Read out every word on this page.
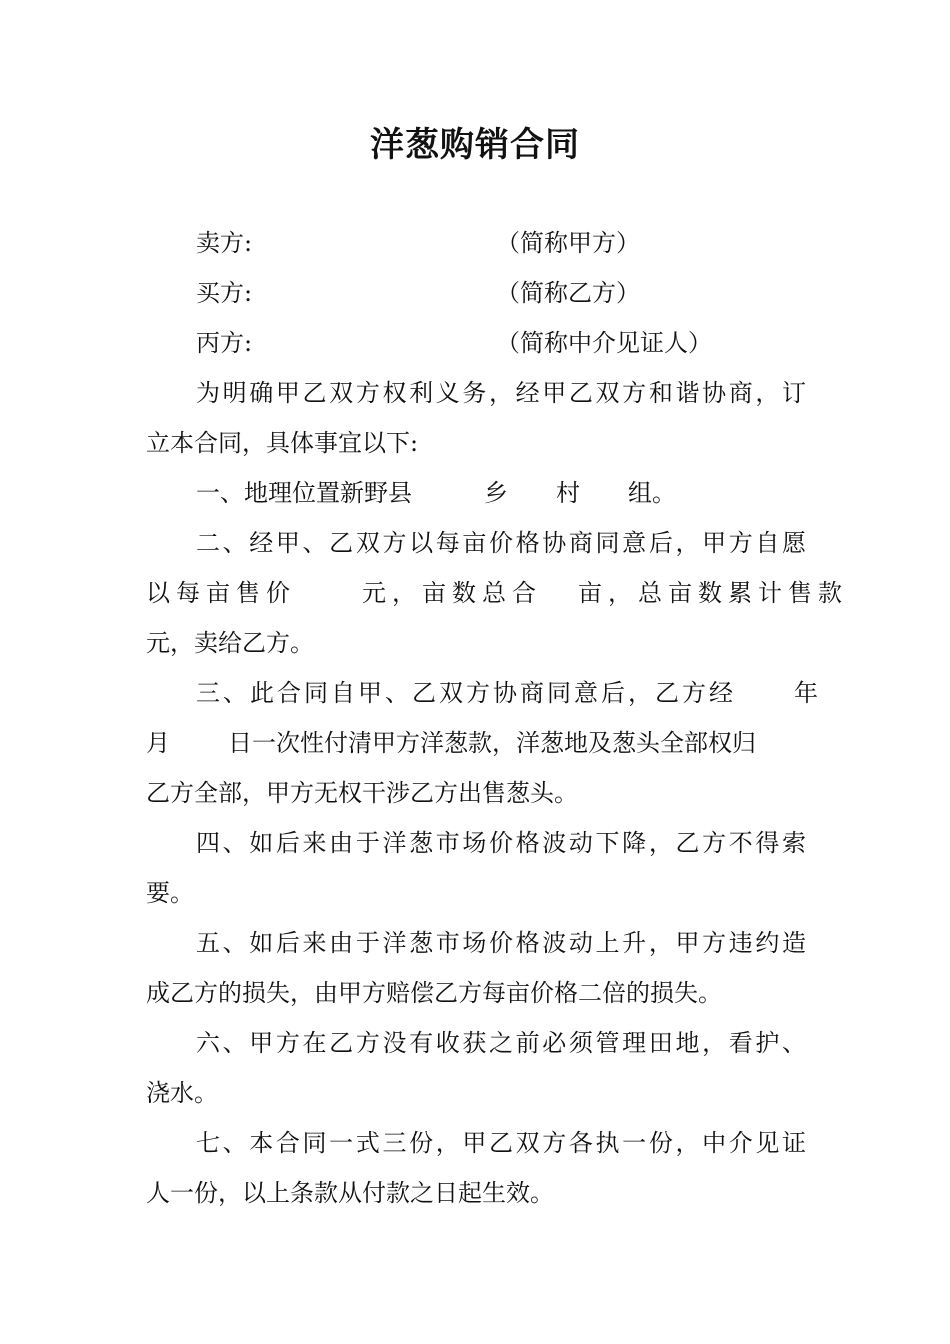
洋葱购销合同
卖方:	（简称甲方）
买方:	（简称乙方）
丙方:	（简称中介见证人）
为明确甲乙双方权利义务，经甲乙双方和谐协商，订
立本合同，具体事宜以下:
一、地理位置新野县	乡 村 组。
二、经甲、乙双方以每亩价格协商同意后，甲方自愿
以每亩售价	元，亩数总合 亩，总亩数累计售款
元，卖给乙方。
三、此合同自甲、乙双方协商同意后，乙方经 年
月 日一次性付清甲方洋葱款，洋葱地及葱头全部权归
乙方全部，甲方无权干涉乙方出售葱头。
四、如后来由于洋葱市场价格波动下降，乙方不得索
要。
五、如后来由于洋葱市场价格波动上升，甲方违约造
成乙方的损失，由甲方赔偿乙方每亩价格二倍的损失。
六、甲方在乙方没有收获之前必须管理田地，看护、
浇水。
七、本合同一式三份，甲乙双方各执一份，中介见证
人一份，以上条款从付款之日起生效。
